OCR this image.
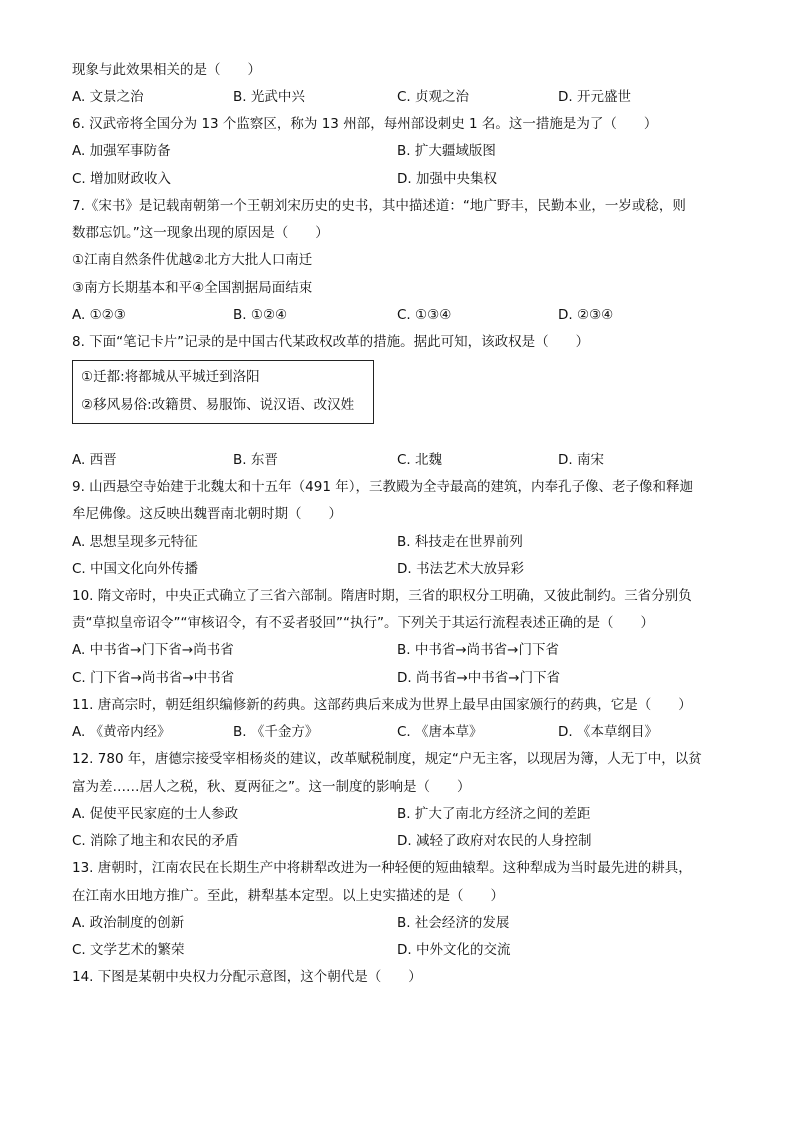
现象与此效果相关的是（　　）
A. 文景之治	B. 光武中兴	C. 贞观之治	D. 开元盛世
6. 汉武帝将全国分为 13 个监察区，称为 13 州部，每州部设刺史 1 名。这一措施是为了（　　）
A. 加强军事防备	B. 扩大疆域版图
C. 增加财政收入	D. 加强中央集权
7.《宋书》是记载南朝第一个王朝刘宋历史的史书，其中描述道：“地广野丰，民勤本业，一岁或稔，则
数郡忘饥。”这一现象出现的原因是（　　）
①江南自然条件优越②北方大批人口南迁
③南方长期基本和平④全国割据局面结束
A. ①②③	B. ①②④	C. ①③④	D. ②③④
8. 下面“笔记卡片”记录的是中国古代某政权改革的措施。据此可知，该政权是（　　）
①迁都:将都城从平城迁到洛阳
②移风易俗:改籍贯、易服饰、说汉语、改汉姓
A. 西晋	B. 东晋	C. 北魏	D. 南宋
9. 山西悬空寺始建于北魏太和十五年（491 年），三教殿为全寺最高的建筑，内奉孔子像、老子像和释迦
牟尼佛像。这反映出魏晋南北朝时期（　　）
A. 思想呈现多元特征	B. 科技走在世界前列
C. 中国文化向外传播	D. 书法艺术大放异彩
10. 隋文帝时，中央正式确立了三省六部制。隋唐时期，三省的职权分工明确，又彼此制约。三省分别负
责“草拟皇帝诏令”“审核诏令，有不妥者驳回”“执行”。下列关于其运行流程表述正确的是（　　）
A. 中书省→门下省→尚书省	B. 中书省→尚书省→门下省
C. 门下省→尚书省→中书省	D. 尚书省→中书省→门下省
11. 唐高宗时，朝廷组织编修新的药典。这部药典后来成为世界上最早由国家颁行的药典，它是（　　）
A. 《黄帝内经》	B. 《千金方》	C. 《唐本草》	D. 《本草纲目》
12. 780 年，唐德宗接受宰相杨炎的建议，改革赋税制度，规定“户无主客，以现居为簿，人无丁中，以贫
富为差……居人之税，秋、夏两征之”。这一制度的影响是（　　）
A. 促使平民家庭的士人参政	B. 扩大了南北方经济之间的差距
C. 消除了地主和农民的矛盾	D. 减轻了政府对农民的人身控制
13. 唐朝时，江南农民在长期生产中将耕犁改进为一种轻便的短曲辕犁。这种犁成为当时最先进的耕具，
在江南水田地方推广。至此，耕犁基本定型。以上史实描述的是（　　）
A. 政治制度的创新	B. 社会经济的发展
C. 文学艺术的繁荣	D. 中外文化的交流
14. 下图是某朝中央权力分配示意图，这个朝代是（　　）
